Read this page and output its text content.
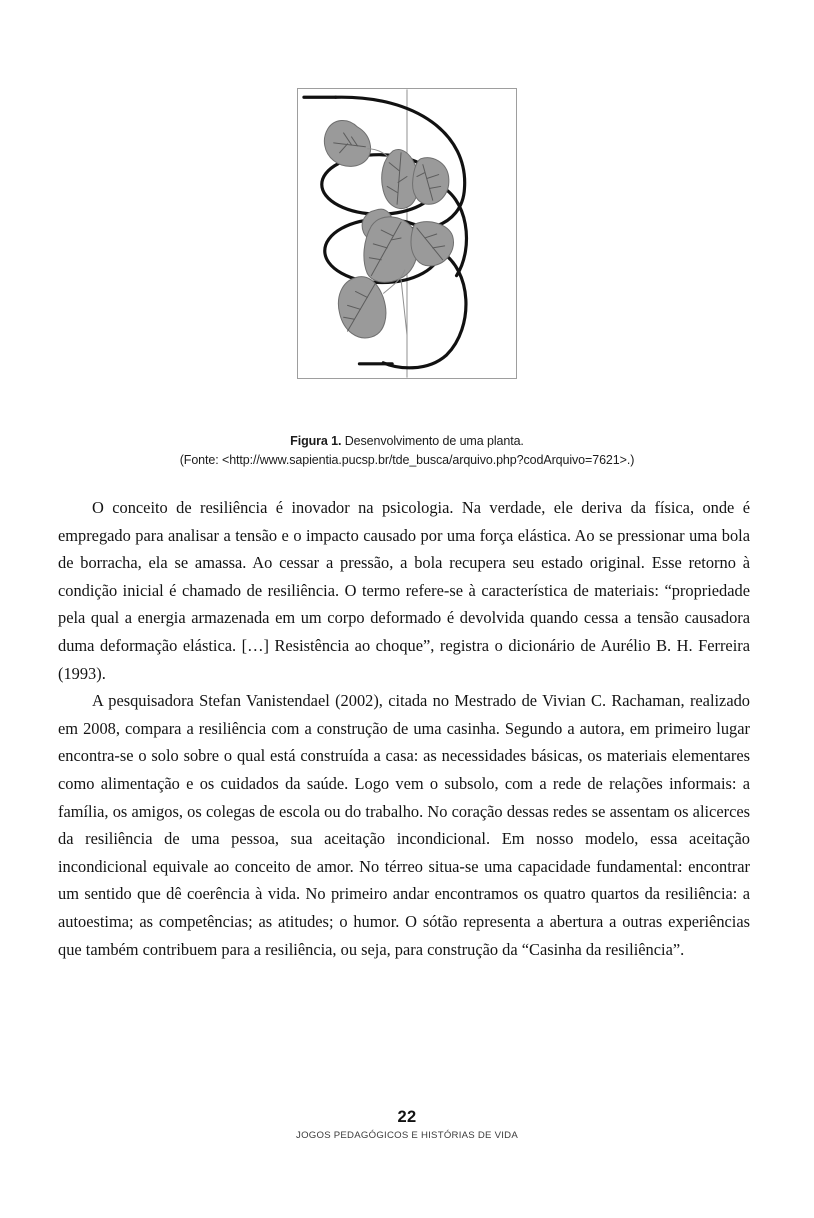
Figura 1. Desenvolvimento de uma planta.
(Fonte: <http://www.sapientia.pucsp.br/tde_busca/arquivo.php?codArquivo=7621>.)

O conceito de resiliência é inovador na psicologia. Na verdade, ele deriva da física, onde é empregado para analisar a tensão e o impacto causado por uma força elástica. Ao se pressionar uma bola de borracha, ela se amassa. Ao cessar a pressão, a bola recupera seu estado original. Esse retorno à condição inicial é chamado de resiliência. O termo refere-se à característica de materiais: “propriedade pela qual a energia armazenada em um corpo deformado é devolvida quando cessa a tensão causadora duma deformação elástica. […] Resistência ao choque”, registra o dicionário de Aurélio B. H. Ferreira (1993).

A pesquisadora Stefan Vanistendael (2002), citada no Mestrado de Vivian C. Rachaman, realizado em 2008, compara a resiliência com a construção de uma casinha. Segundo a autora, em primeiro lugar encontra-se o solo sobre o qual está construída a casa: as necessidades básicas, os materiais elementares como alimentação e os cuidados da saúde. Logo vem o subsolo, com a rede de relações informais: a família, os amigos, os colegas de escola ou do trabalho. No coração dessas redes se assentam os alicerces da resiliência de uma pessoa, sua aceitação incondicional. Em nosso modelo, essa aceitação incondicional equivale ao conceito de amor. No térreo situa-se uma capacidade fundamental: encontrar um sentido que dê coerência à vida. No primeiro andar encontramos os quatro quartos da resiliência: a autoestima; as competências; as atitudes; o humor. O sótão representa a abertura a outras experiências que também contribuem para a resiliência, ou seja, para construção da “Casinha da resiliência”.

22
JOGOS PEDAGÓGICOS E HISTÓRIAS DE VIDA
